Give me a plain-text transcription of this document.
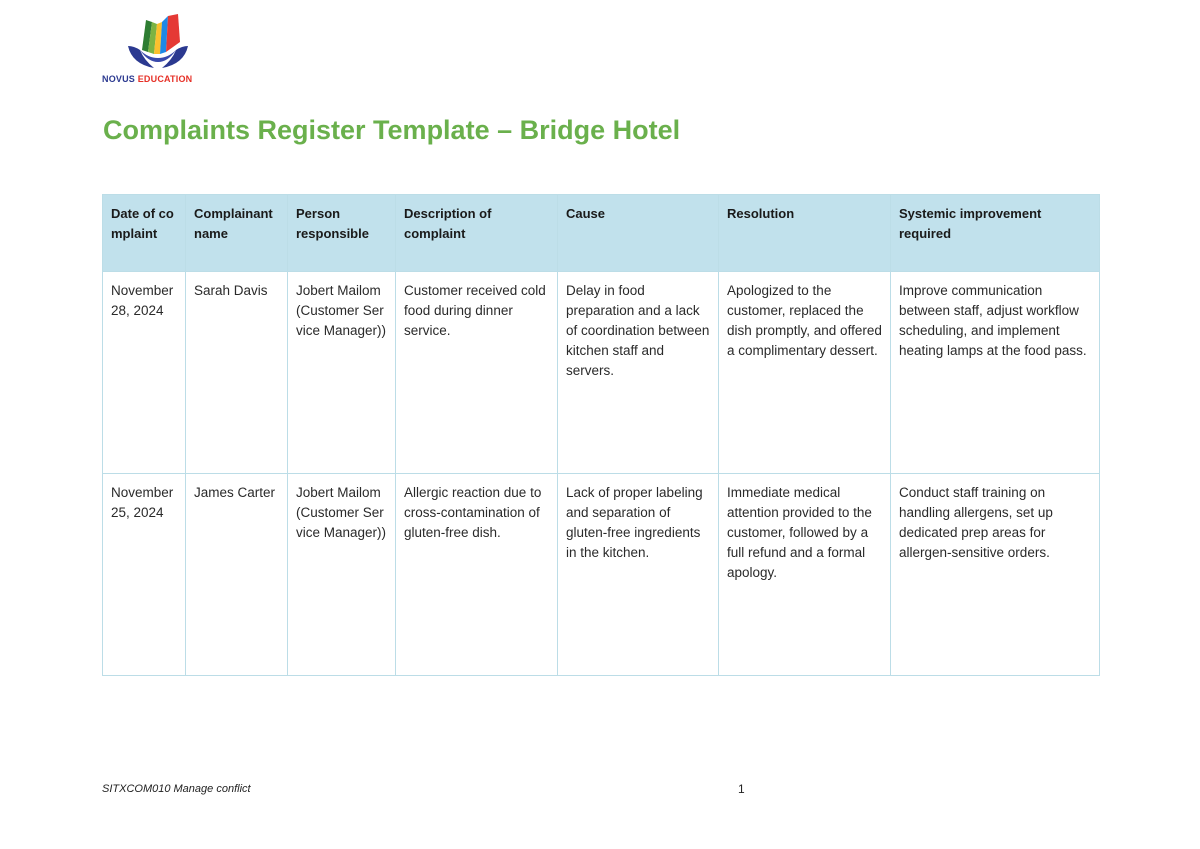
NOVUS EDUCATION
Complaints Register Template – Bridge Hotel
Date of complaint	Complainant name	Person responsible	Description of complaint	Cause	Resolution	Systemic improvement required
November 28, 2024	Sarah Davis	Jobert Mailom(Customer Service Manager))	Customer received cold food during dinner service.	Delay in food preparation and a lack of coordination between kitchen staff and servers.	Apologized to the customer, replaced the dish promptly, and offered a complimentary dessert.	Improve communication between staff, adjust workflow scheduling, and implement heating lamps at the food pass.
November 25, 2024	James Carter	Jobert Mailom(Customer Service Manager))	Allergic reaction due to cross-contamination of gluten-free dish.	Lack of proper labeling and separation of gluten-free ingredients in the kitchen.	Immediate medical attention provided to the customer, followed by a full refund and a formal apology.	Conduct staff training on handling allergens, set up dedicated prep areas for allergen-sensitive orders.
SITXCOM010 Manage conflict	1
